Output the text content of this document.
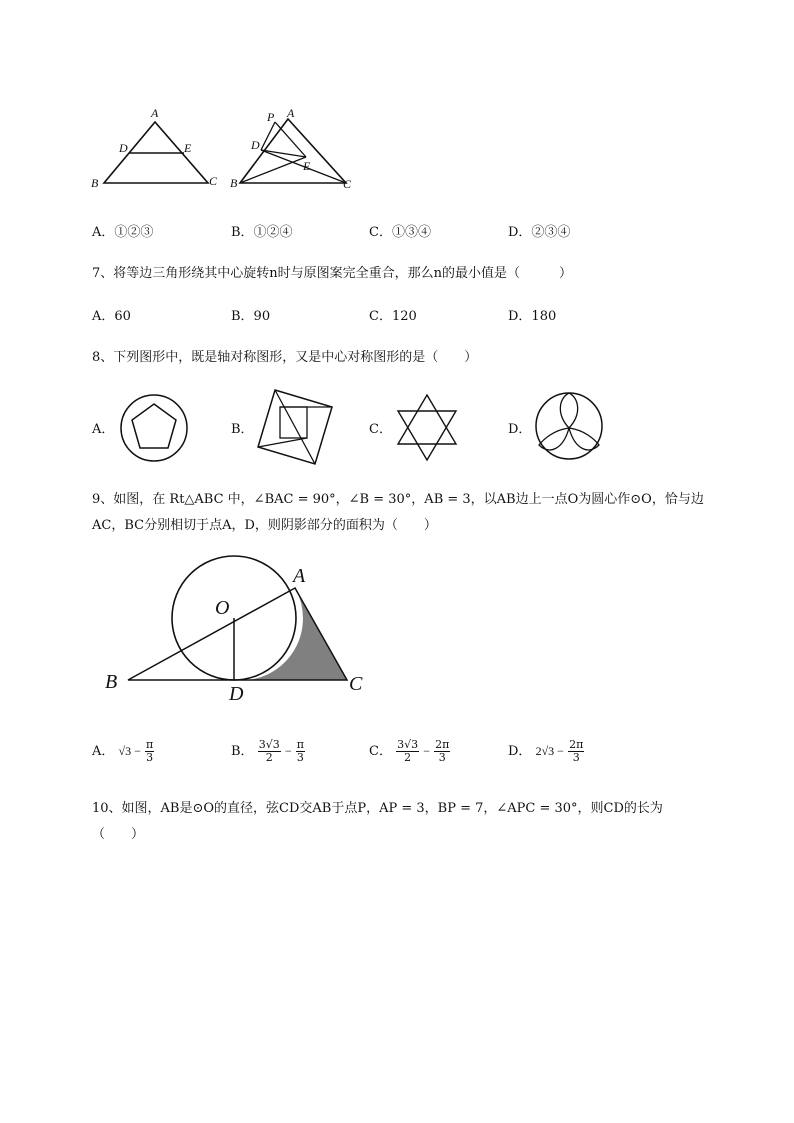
A
B	C
D	E
P A
B	C
D
E
A．①②③	B．①②④	C．①③④	D．②③④
7、将等边三角形绕其中心旋转n时与原图案完全重合，那么n的最小值是（　　　）
A．60	B．90	C．120	D．180
8、下列图形中，既是轴对称图形，又是中心对称图形的是（　　）
A．	B．	C．	D．
9、如图，在 Rt△ABC 中，∠BAC = 90°，∠B = 30°，AB = 3，以AB边上一点O为圆心作⊙O，恰与边
AC，BC分别相切于点A，D，则阴影部分的面积为（　　）
A
B	C
D
O
A． $√3 - \frac{\pi}{3}$	B． $\frac{3√3}{2} - \frac{\pi}{3}$	C． $\frac{3√3}{2} - \frac{2\pi}{3}$	D． $2√3 - \frac{2\pi}{3}$
10、如图，AB是⊙O的直径，弦CD交AB于点P，AP = 3，BP = 7，∠APC = 30°，则CD的长为
（　　）
